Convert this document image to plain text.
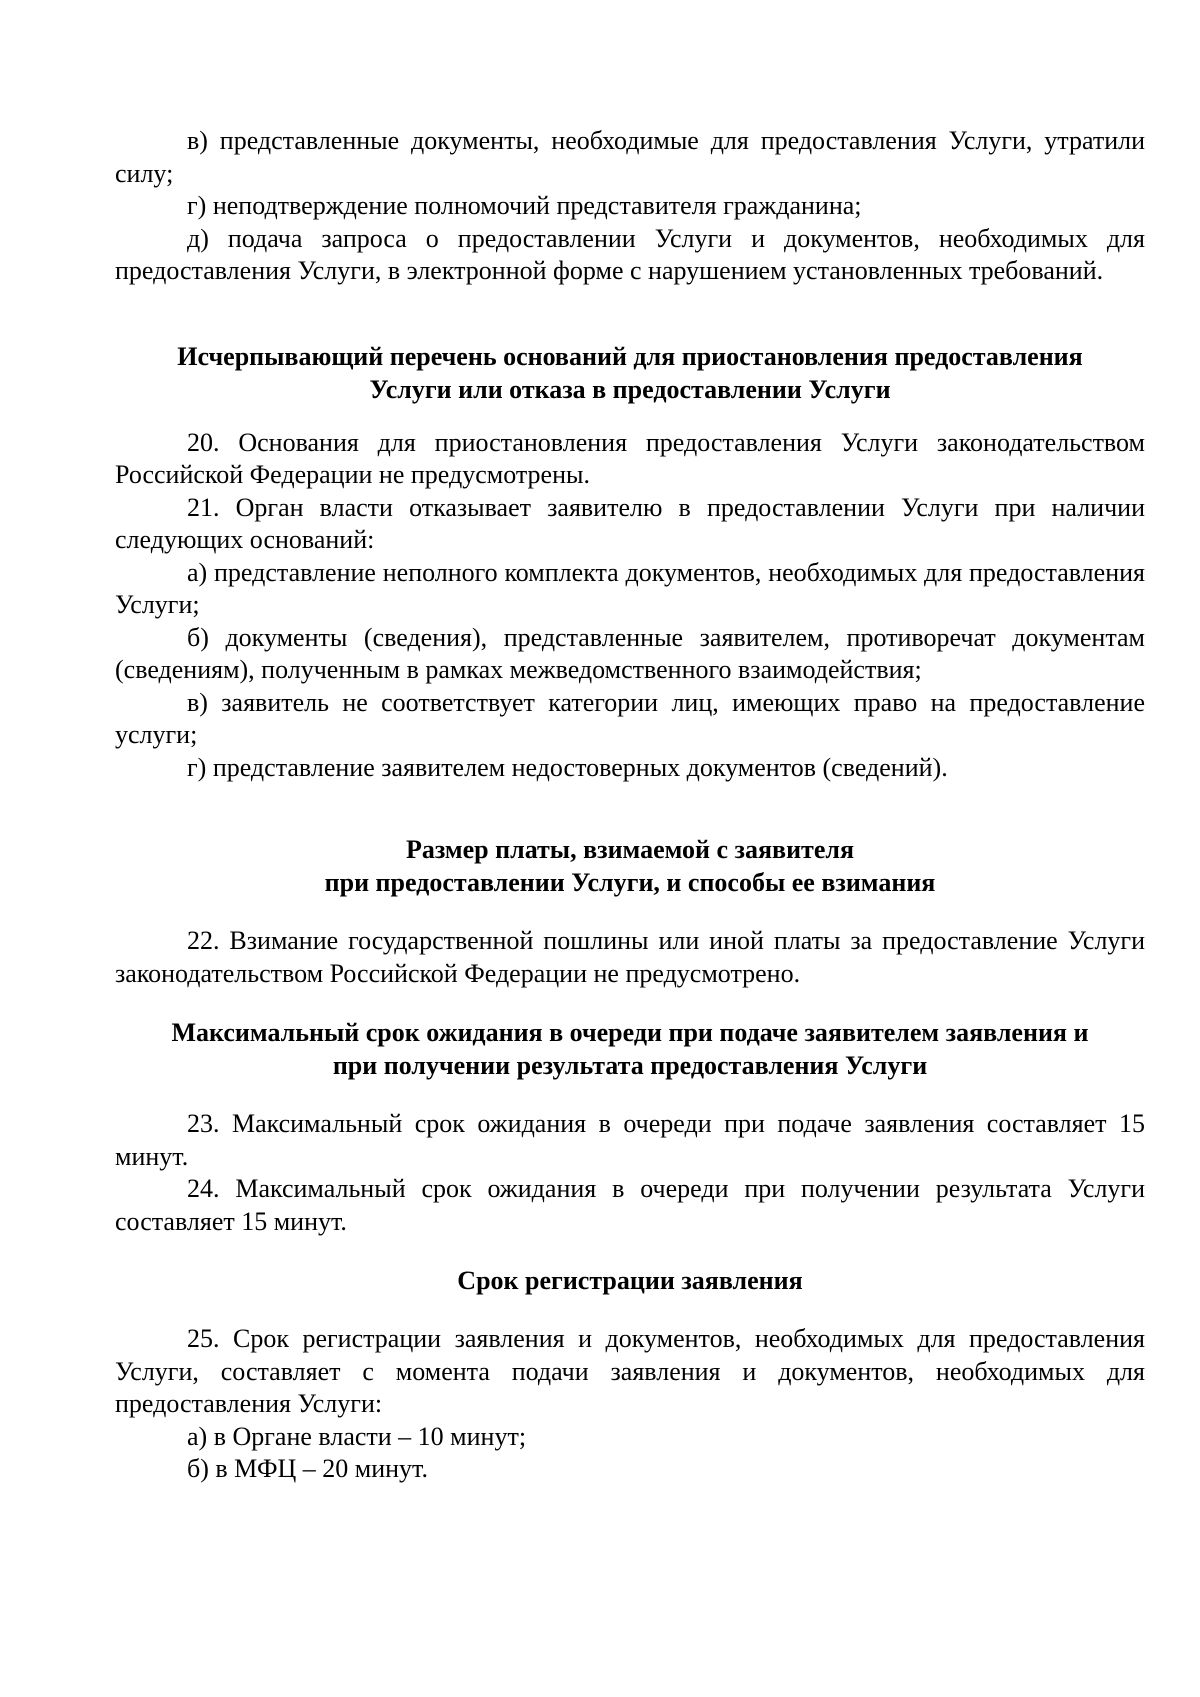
в) представленные документы, необходимые для предоставления Услуги, утратили силу;

г) неподтверждение полномочий представителя гражданина;

д) подача запроса о предоставлении Услуги и документов, необходимых для предоставления Услуги, в электронной форме с нарушением установленных требований.

Исчерпывающий перечень оснований для приостановления предоставления
Услуги или отказа в предоставлении Услуги

20. Основания для приостановления предоставления Услуги законодательством Российской Федерации не предусмотрены.

21. Орган власти отказывает заявителю в предоставлении Услуги при наличии следующих оснований:

а) представление неполного комплекта документов, необходимых для предоставления Услуги;

б) документы (сведения), представленные заявителем, противоречат документам (сведениям), полученным в рамках межведомственного взаимодействия;

в) заявитель не соответствует категории лиц, имеющих право на предоставление услуги;

г) представление заявителем недостоверных документов (сведений).

Размер платы, взимаемой с заявителя
при предоставлении Услуги, и способы ее взимания

22. Взимание государственной пошлины или иной платы за предоставление Услуги законодательством Российской Федерации не предусмотрено.

Максимальный срок ожидания в очереди при подаче заявителем заявления и
при получении результата предоставления Услуги

23. Максимальный срок ожидания в очереди при подаче заявления составляет 15 минут.

24. Максимальный срок ожидания в очереди при получении результата Услуги составляет 15 минут.

Срок регистрации заявления

25. Срок регистрации заявления и документов, необходимых для предоставления Услуги, составляет с момента подачи заявления и документов, необходимых для предоставления Услуги:

а) в Органе власти – 10 минут;

б) в МФЦ – 20 минут.
